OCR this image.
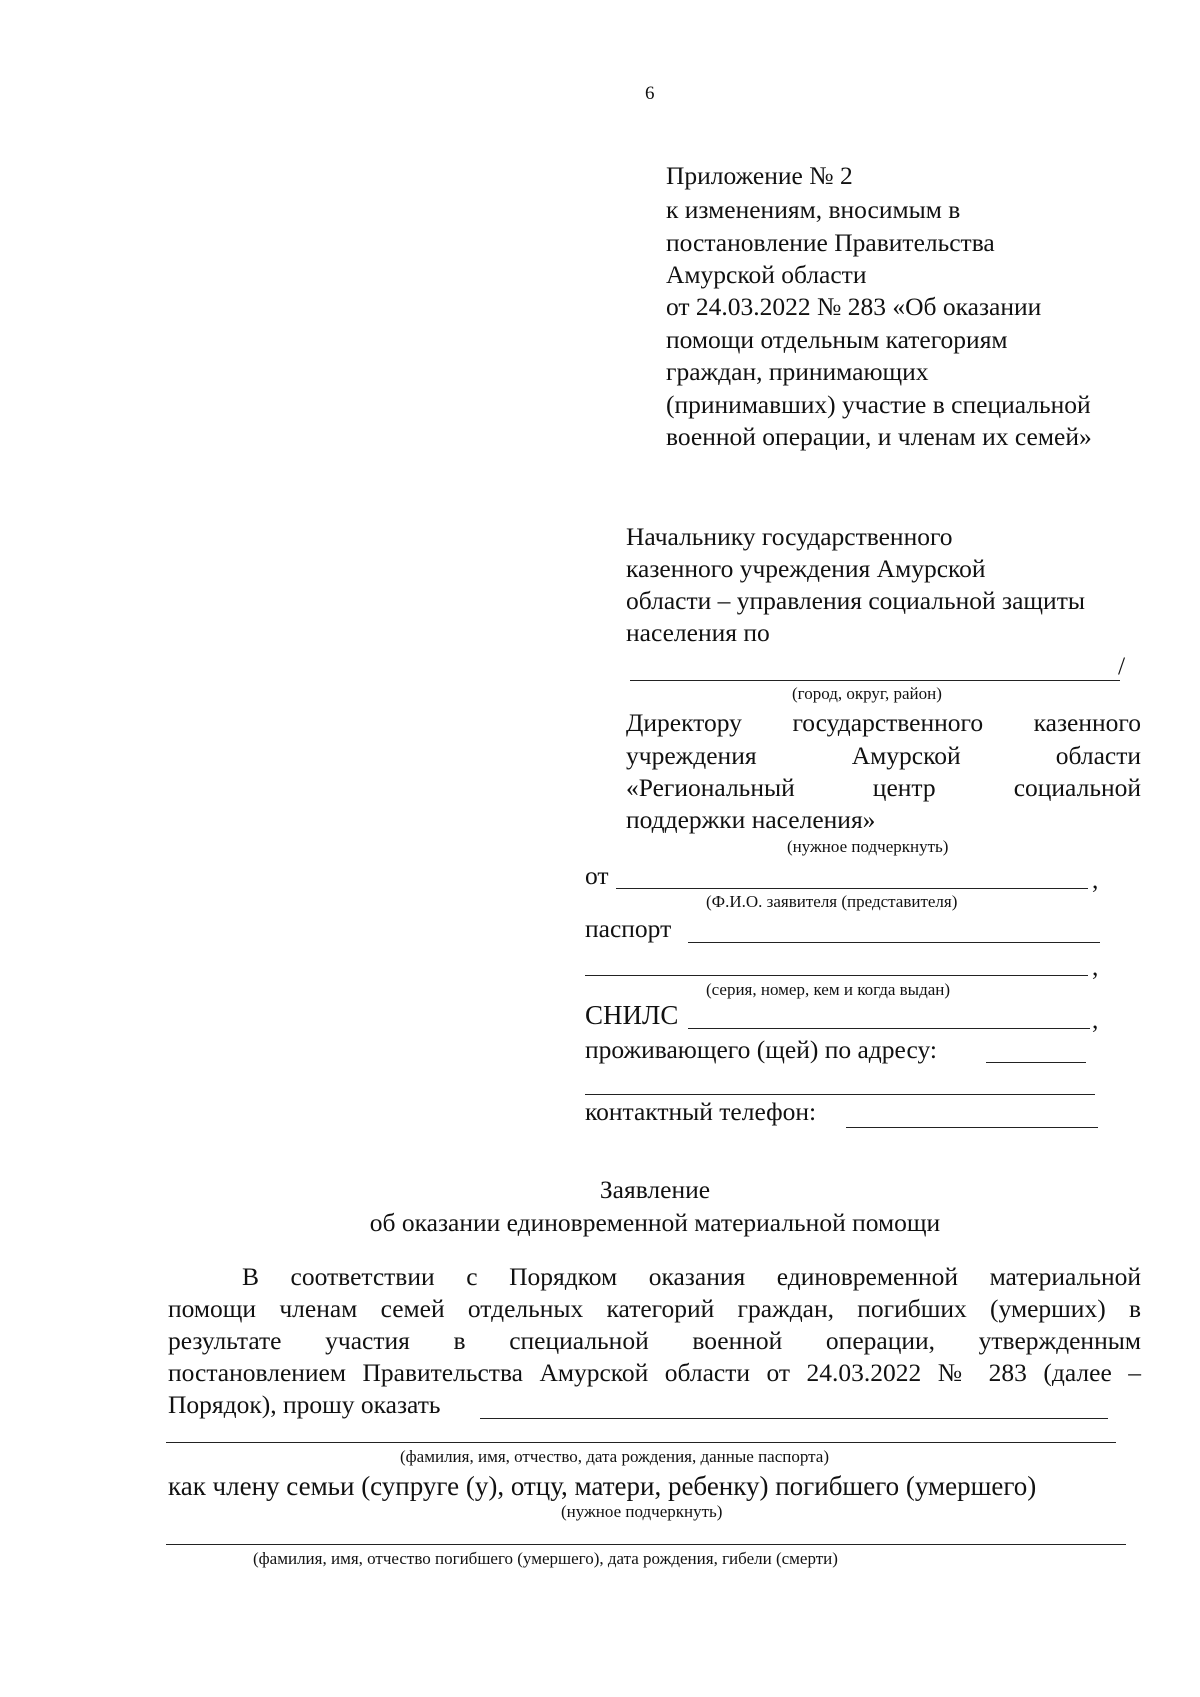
6
Приложение № 2
к изменениям, вносимым в
постановление Правительства
Амурской области
от 24.03.2022 № 283 «Об оказании
помощи отдельным категориям
граждан, принимающих
(принимавших) участие в специальной
военной операции, и членам их семей»
Начальнику государственного
казенного учреждения Амурской
области – управления социальной защиты
населения по
/
(город, округ, район)
Директору государственного казенного
учреждения Амурской области
«Региональный центр социальной
поддержки населения»
(нужное подчеркнуть)
от	,
(Ф.И.О. заявителя (представителя)
паспорт
,
(серия, номер, кем и когда выдан)
СНИЛС	,
проживающего (щей) по адресу:
контактный телефон:
Заявление
об оказании единовременной материальной помощи
В соответствии с Порядком оказания единовременной материальной
помощи членам семей отдельных категорий граждан, погибших (умерших) в
результате участия в специальной военной операции, утвержденным
постановлением Правительства Амурской области от 24.03.2022 № 283 (далее –
Порядок), прошу оказать
(фамилия, имя, отчество, дата рождения, данные паспорта)
как члену семьи (супруге (у), отцу, матери, ребенку) погибшего (умершего)
(нужное подчеркнуть)
(фамилия, имя, отчество погибшего (умершего), дата рождения, гибели (смерти)
